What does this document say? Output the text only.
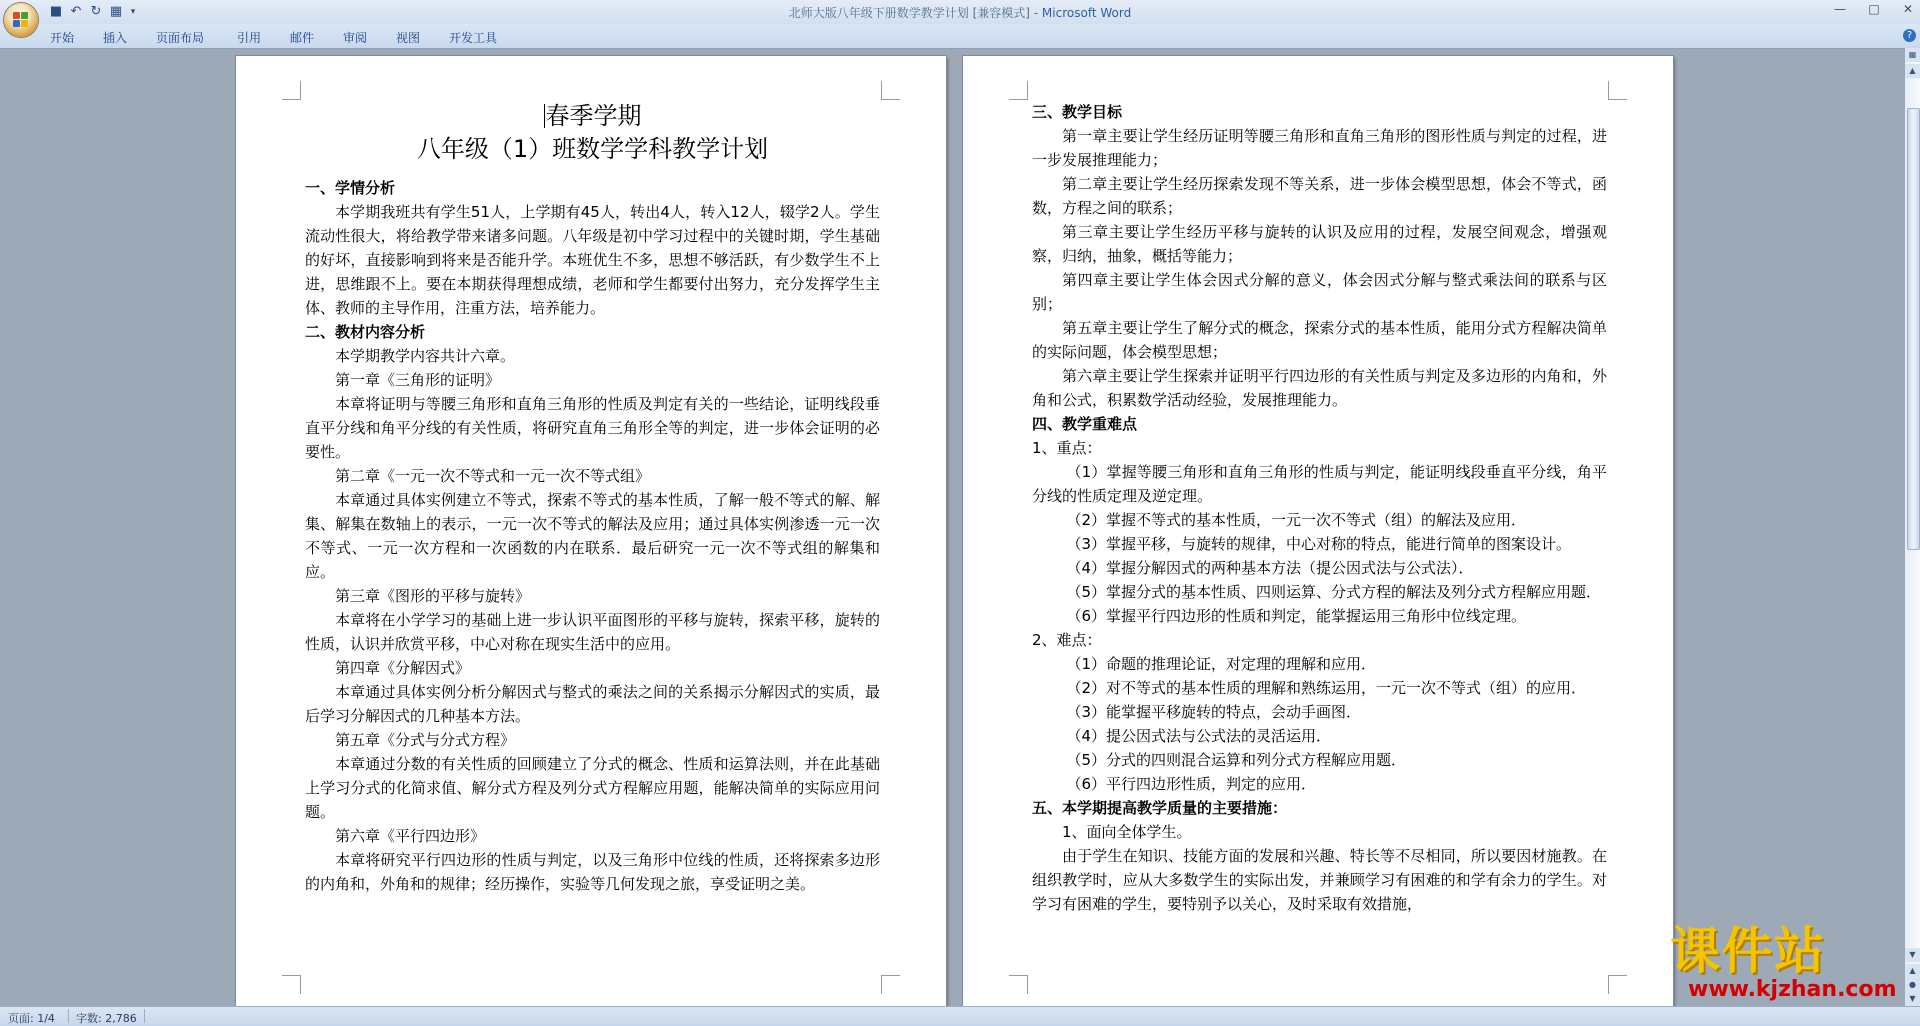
■ ↶ ↻ ▦ ▾	北师大版八年级下册数学教学计划 [兼容模式] - Microsoft Word	— □ ✕
开始	插入	页面布局	引用	邮件	审阅	视图	开发工具	?
春季学期
八年级（1）班数学学科教学计划
一、学情分析
本学期我班共有学生51人，上学期有45人，转出4人，转入12人，辍学2人。学生流动性很大，将给教学带来诸多问题。八年级是初中学习过程中的关键时期，学生基础的好坏，直接影响到将来是否能升学。本班优生不多，思想不够活跃，有少数学生不上进，思维跟不上。要在本期获得理想成绩，老师和学生都要付出努力，充分发挥学生主体、教师的主导作用，注重方法，培养能力。
二、教材内容分析
本学期教学内容共计六章。
第一章《三角形的证明》
本章将证明与等腰三角形和直角三角形的性质及判定有关的一些结论，证明线段垂直平分线和角平分线的有关性质，将研究直角三角形全等的判定，进一步体会证明的必要性。
第二章《一元一次不等式和一元一次不等式组》
本章通过具体实例建立不等式，探索不等式的基本性质，了解一般不等式的解、解集、解集在数轴上的表示，一元一次不等式的解法及应用；通过具体实例渗透一元一次不等式、一元一次方程和一次函数的内在联系．最后研究一元一次不等式组的解集和应。
第三章《图形的平移与旋转》
本章将在小学学习的基础上进一步认识平面图形的平移与旋转，探索平移，旋转的性质，认识并欣赏平移，中心对称在现实生活中的应用。
第四章《分解因式》
本章通过具体实例分析分解因式与整式的乘法之间的关系揭示分解因式的实质，最后学习分解因式的几种基本方法。
第五章《分式与分式方程》
本章通过分数的有关性质的回顾建立了分式的概念、性质和运算法则，并在此基础上学习分式的化简求值、解分式方程及列分式方程解应用题，能解决简单的实际应用问题。
第六章《平行四边形》
本章将研究平行四边形的性质与判定，以及三角形中位线的性质，还将探索多边形的内角和，外角和的规律；经历操作，实验等几何发现之旅，享受证明之美。
三、教学目标
第一章主要让学生经历证明等腰三角形和直角三角形的图形性质与判定的过程，进一步发展推理能力；
第二章主要让学生经历探索发现不等关系，进一步体会模型思想，体会不等式，函数，方程之间的联系；
第三章主要让学生经历平移与旋转的认识及应用的过程，发展空间观念，增强观察，归纳，抽象，概括等能力；
第四章主要让学生体会因式分解的意义，体会因式分解与整式乘法间的联系与区别；
第五章主要让学生了解分式的概念，探索分式的基本性质，能用分式方程解决简单的实际问题，体会模型思想；
第六章主要让学生探索并证明平行四边形的有关性质与判定及多边形的内角和，外角和公式，积累数学活动经验，发展推理能力。
四、教学重难点
1、重点：
（1）掌握等腰三角形和直角三角形的性质与判定，能证明线段垂直平分线，角平分线的性质定理及逆定理。
（2）掌握不等式的基本性质，一元一次不等式（组）的解法及应用．
（3）掌握平移，与旋转的规律，中心对称的特点，能进行简单的图案设计。
（4）掌握分解因式的两种基本方法（提公因式法与公式法）．
（5）掌握分式的基本性质、四则运算、分式方程的解法及列分式方程解应用题．
（6）掌握平行四边形的性质和判定，能掌握运用三角形中位线定理。
2、难点：
（1）命题的推理论证，对定理的理解和应用．
（2）对不等式的基本性质的理解和熟练运用，一元一次不等式（组）的应用．
（3）能掌握平移旋转的特点，会动手画图．
（4）提公因式法与公式法的灵活运用．
（5）分式的四则混合运算和列分式方程解应用题．
（6）平行四边形性质，判定的应用．
五、本学期提高教学质量的主要措施：
1、面向全体学生。
由于学生在知识、技能方面的发展和兴趣、特长等不尽相同，所以要因材施教。在组织教学时，应从大多数学生的实际出发，并兼顾学习有困难的和学有余力的学生。对学习有困难的学生，要特别予以关心，及时采取有效措施，
▦
▲
▼
▲
●
▼
课件站
www.kjzhan.com
页面: 1/4 字数: 2,786
